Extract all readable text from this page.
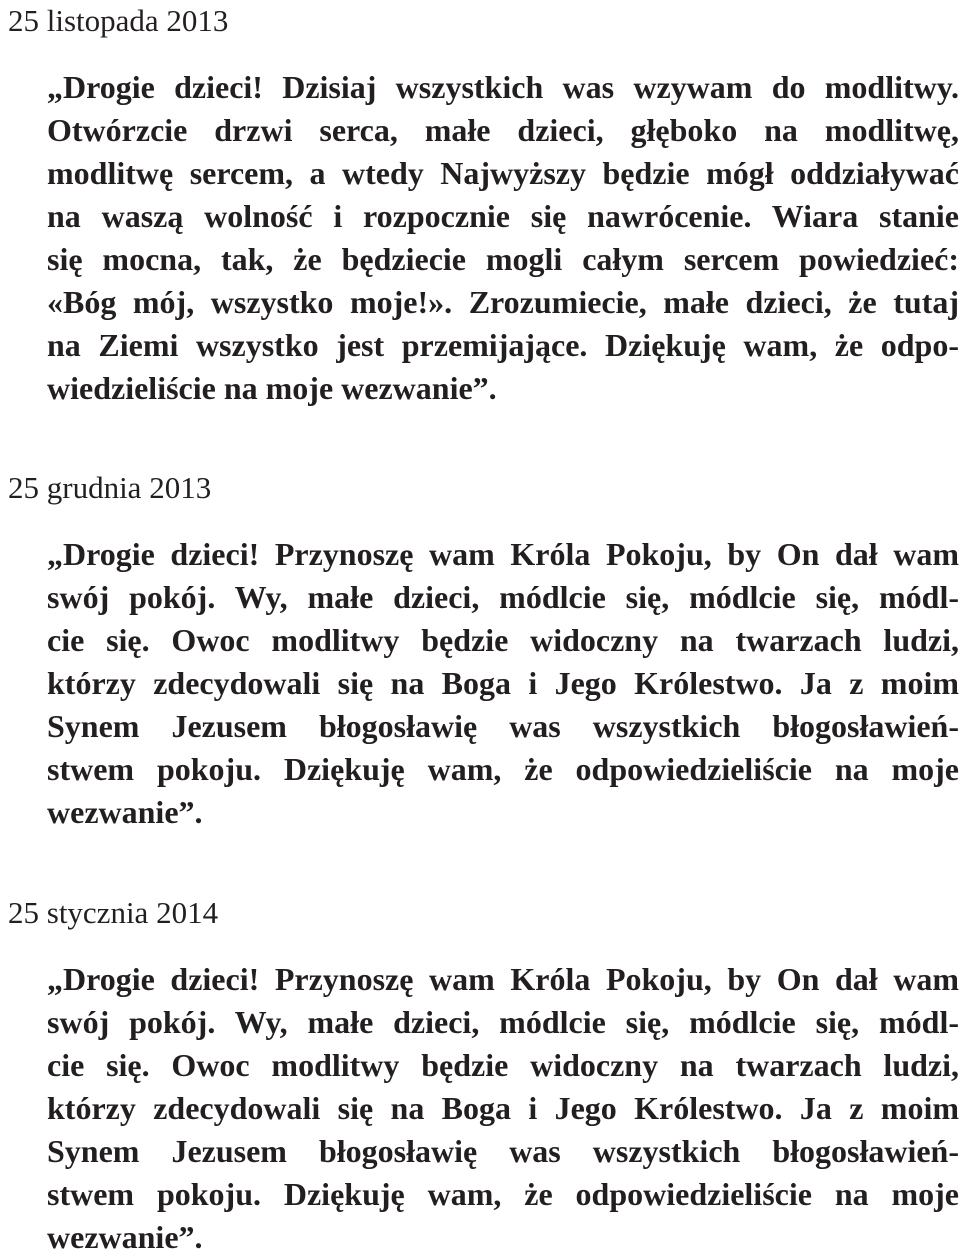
25 listopada 2013
„Drogie dzieci! Dzisiaj wszystkich was wzywam do modlitwy.
Otwórzcie drzwi serca, małe dzieci, głęboko na modlitwę,
modlitwę sercem, a wtedy Najwyższy będzie mógł oddziaływać
na waszą wolność i rozpocznie się nawrócenie. Wiara stanie
się mocna, tak, że będziecie mogli całym sercem powiedzieć:
«Bóg mój, wszystko moje!». Zrozumiecie, małe dzieci, że tutaj
na Ziemi wszystko jest przemijające. Dziękuję wam, że odpo-
wiedzieliście na moje wezwanie”.
25 grudnia 2013
„Drogie dzieci! Przynoszę wam Króla Pokoju, by On dał wam
swój pokój. Wy, małe dzieci, módlcie się, módlcie się, módl-
cie się. Owoc modlitwy będzie widoczny na twarzach ludzi,
którzy zdecydowali się na Boga i Jego Królestwo. Ja z moim
Synem Jezusem błogosławię was wszystkich błogosławień-
stwem pokoju. Dziękuję wam, że odpowiedzieliście na moje
wezwanie”.
25 stycznia 2014
„Drogie dzieci! Przynoszę wam Króla Pokoju, by On dał wam
swój pokój. Wy, małe dzieci, módlcie się, módlcie się, módl-
cie się. Owoc modlitwy będzie widoczny na twarzach ludzi,
którzy zdecydowali się na Boga i Jego Królestwo. Ja z moim
Synem Jezusem błogosławię was wszystkich błogosławień-
stwem pokoju. Dziękuję wam, że odpowiedzieliście na moje
wezwanie”.
